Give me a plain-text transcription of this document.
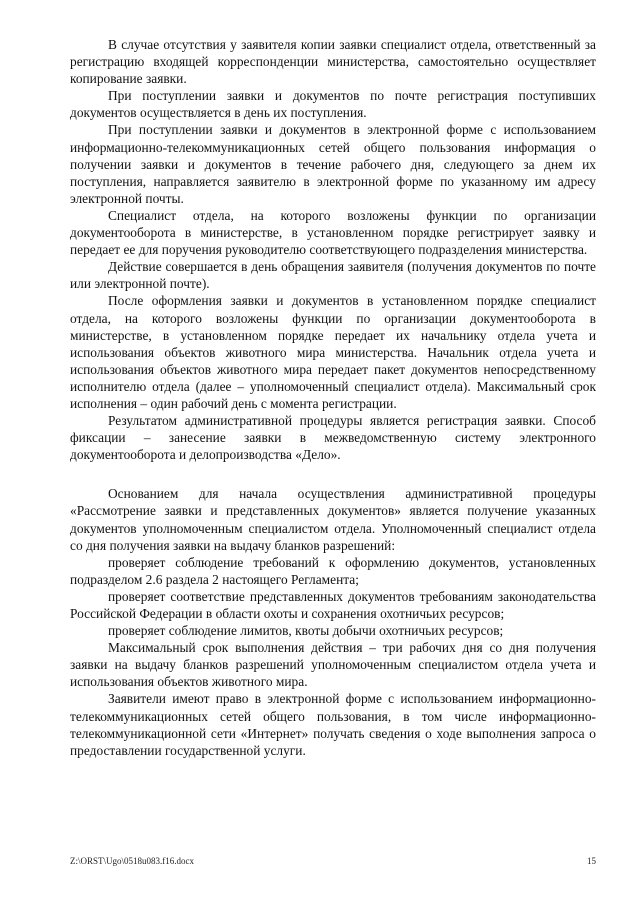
В случае отсутствия у заявителя копии заявки специалист отдела, ответственный за регистрацию входящей корреспонденции министерства, самостоятельно осуществляет копирование заявки.

При поступлении заявки и документов по почте регистрация поступивших документов осуществляется в день их поступления.

При поступлении заявки и документов в электронной форме с использованием информационно-телекоммуникационных сетей общего пользования информация о получении заявки и документов в течение рабочего дня, следующего за днем их поступления, направляется заявителю в электронной форме по указанному им адресу электронной почты.

Специалист отдела, на которого возложены функции по организации документооборота в министерстве, в установленном порядке регистрирует заявку и передает ее для поручения руководителю соответствующего подразделения министерства.

Действие совершается в день обращения заявителя (получения документов по почте или электронной почте).

После оформления заявки и документов в установленном порядке специалист отдела, на которого возложены функции по организации документооборота в министерстве, в установленном порядке передает их начальнику отдела учета и использования объектов животного мира министерства. Начальник отдела учета и использования объектов животного мира передает пакет документов непосредственному исполнителю отдела (далее – уполномоченный специалист отдела). Максимальный срок исполнения – один рабочий день с момента регистрации.

Результатом административной процедуры является регистрация заявки. Способ фиксации – занесение заявки в межведомственную систему электронного документооборота и делопроизводства «Дело».

Основанием для начала осуществления административной процедуры «Рассмотрение заявки и представленных документов» является получение указанных документов уполномоченным специалистом отдела. Уполномоченный специалист отдела со дня получения заявки на выдачу бланков разрешений:

проверяет соблюдение требований к оформлению документов, установленных подразделом 2.6 раздела 2 настоящего Регламента;

проверяет соответствие представленных документов требованиям законодательства Российской Федерации в области охоты и сохранения охотничьих ресурсов;

проверяет соблюдение лимитов, квоты добычи охотничьих ресурсов;

Максимальный срок выполнения действия – три рабочих дня со дня получения заявки на выдачу бланков разрешений уполномоченным специалистом отдела учета и использования объектов животного мира.

Заявители имеют право в электронной форме с использованием информационно-телекоммуникационных сетей общего пользования, в том числе информационно-телекоммуникационной сети «Интернет» получать сведения о ходе выполнения запроса о предоставлении государственной услуги.

Z:\ORST\Ugo\0518u083.f16.docx	15
